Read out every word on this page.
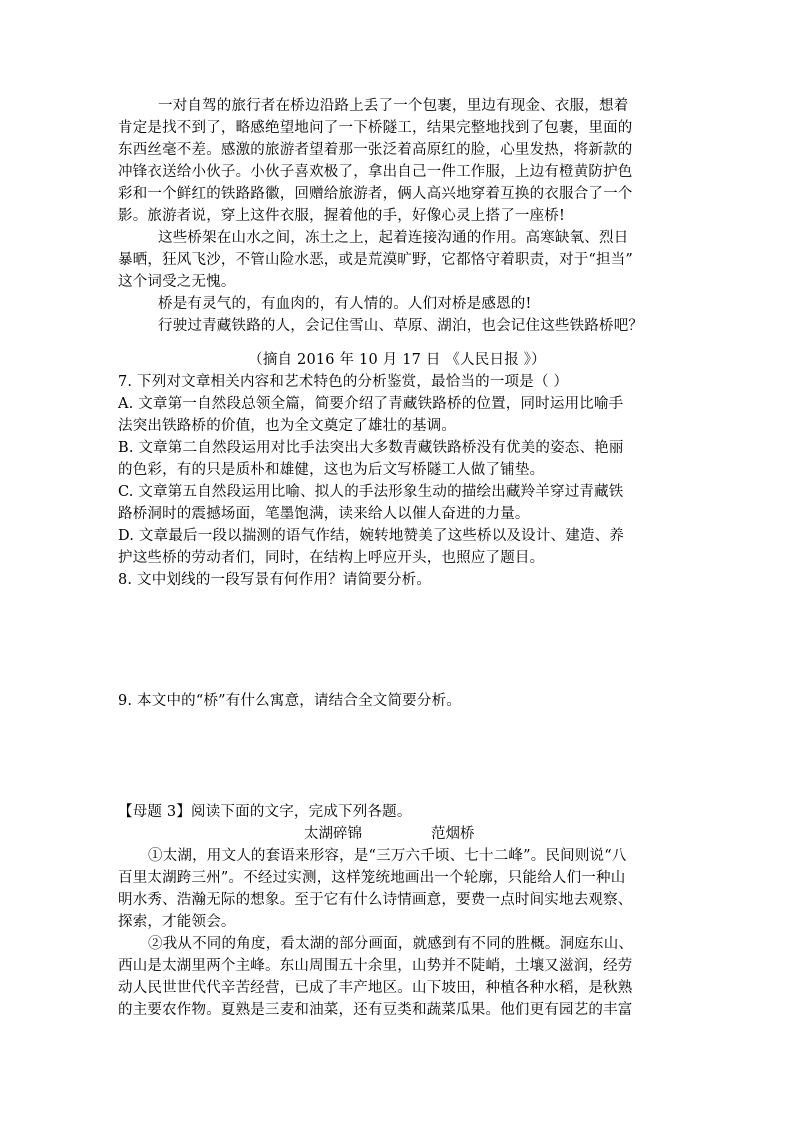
一对自驾的旅行者在桥边沿路上丢了一个包裹，里边有现金、衣服，想着
肯定是找不到了，略感绝望地问了一下桥隧工，结果完整地找到了包裹，里面的
东西丝毫不差。感激的旅游者望着那一张泛着高原红的脸，心里发热，将新款的
冲锋衣送给小伙子。小伙子喜欢极了，拿出自己一件工作服，上边有橙黄防护色
彩和一个鲜红的铁路路徽，回赠给旅游者，俩人高兴地穿着互换的衣服合了一个
影。旅游者说，穿上这件衣服，握着他的手，好像心灵上搭了一座桥!
这些桥架在山水之间，冻土之上，起着连接沟通的作用。高寒缺氧、烈日
暴晒，狂风飞沙，不管山险水恶，或是荒漠旷野，它都恪守着职责，对于“担当”
这个词受之无愧。
桥是有灵气的，有血肉的，有人情的。人们对桥是感恩的!
行驶过青藏铁路的人，会记住雪山、草原、湖泊，也会记住这些铁路桥吧？
（摘自 2016 年 10 月 17 日 《人民日报 》）
7. 下列对文章相关内容和艺术特色的分析鉴赏，最恰当的一项是（ ）
A. 文章第一自然段总领全篇，简要介绍了青藏铁路桥的位置，同时运用比喻手
法突出铁路桥的价值，也为全文奠定了雄壮的基调。
B. 文章第二自然段运用对比手法突出大多数青藏铁路桥没有优美的姿态、艳丽
的色彩，有的只是质朴和雄健，这也为后文写桥隧工人做了铺垫。
C. 文章第五自然段运用比喻、拟人的手法形象生动的描绘出藏羚羊穿过青藏铁
路桥洞时的震撼场面，笔墨饱满，读来给人以催人奋进的力量。
D. 文章最后一段以揣测的语气作结，婉转地赞美了这些桥以及设计、建造、养
护这些桥的劳动者们，同时，在结构上呼应开头，也照应了题目。
8. 文中划线的一段写景有何作用？请简要分析。
9. 本文中的“桥”有什么寓意，请结合全文简要分析。
【母题 3】阅读下面的文字，完成下列各题。
太湖碎锦	范烟桥
①太湖，用文人的套语来形容，是“三万六千顷、七十二峰”。民间则说“八
百里太湖跨三州”。不经过实测，这样笼统地画出一个轮廓，只能给人们一种山
明水秀、浩瀚无际的想象。至于它有什么诗情画意，要费一点时间实地去观察、
探索，才能领会。
②我从不同的角度，看太湖的部分画面，就感到有不同的胜概。洞庭东山、
西山是太湖里两个主峰。东山周围五十余里，山势并不陡峭，土壤又滋润，经劳
动人民世世代代辛苦经营，已成了丰产地区。山下坡田，种植各种水稻，是秋熟
的主要农作物。夏熟是三麦和油菜，还有豆类和蔬菜瓜果。他们更有园艺的丰富
